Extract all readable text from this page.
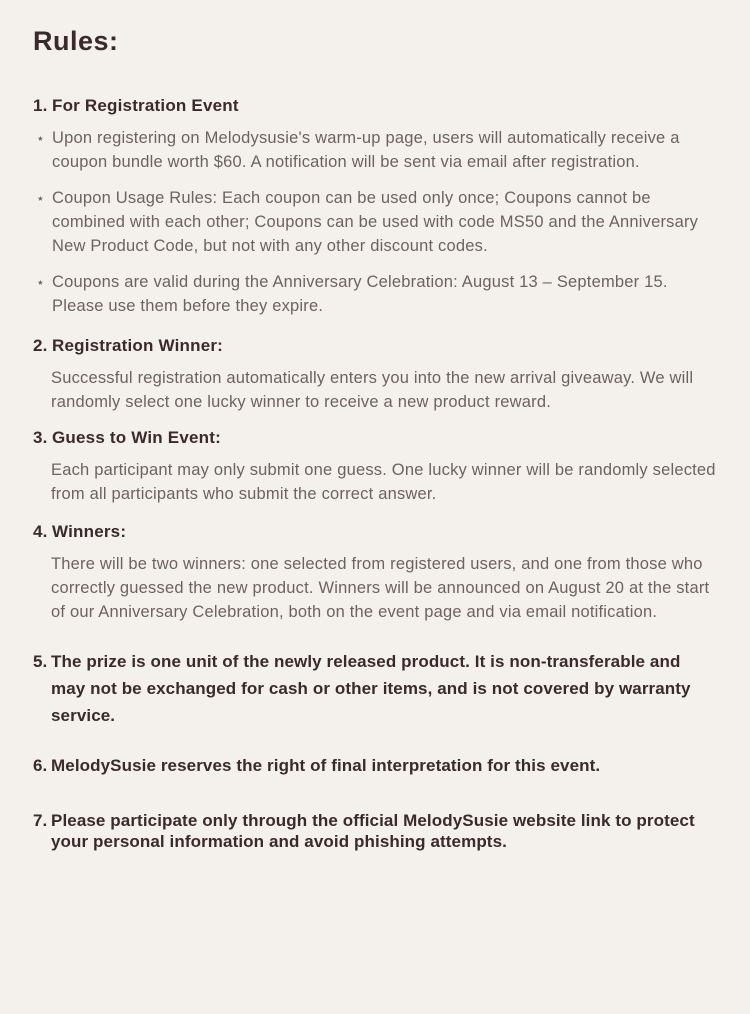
Rules:
1. For Registration Event
⋆ Upon registering on Melodysusie's warm-up page, users will automatically receive a coupon bundle worth $60. A notification will be sent via email after registration.
⋆ Coupon Usage Rules: Each coupon can be used only once; Coupons cannot be combined with each other; Coupons can be used with code MS50 and the Anniversary New Product Code, but not with any other discount codes.
⋆ Coupons are valid during the Anniversary Celebration: August 13 – September 15. Please use them before they expire.
2. Registration Winner:

Successful registration automatically enters you into the new arrival giveaway. We will randomly select one lucky winner to receive a new product reward.

3. Guess to Win Event:

Each participant may only submit one guess. One lucky winner will be randomly selected from all participants who submit the correct answer.

4. Winners:

There will be two winners: one selected from registered users, and one from those who correctly guessed the new product. Winners will be announced on August 20 at the start of our Anniversary Celebration, both on the event page and via email notification.

5. The prize is one unit of the newly released product. It is non-transferable and may not be exchanged for cash or other items, and is not covered by warranty service.
6. MelodySusie reserves the right of final interpretation for this event.
7. Please participate only through the official MelodySusie website link to protect your personal information and avoid phishing attempts.
